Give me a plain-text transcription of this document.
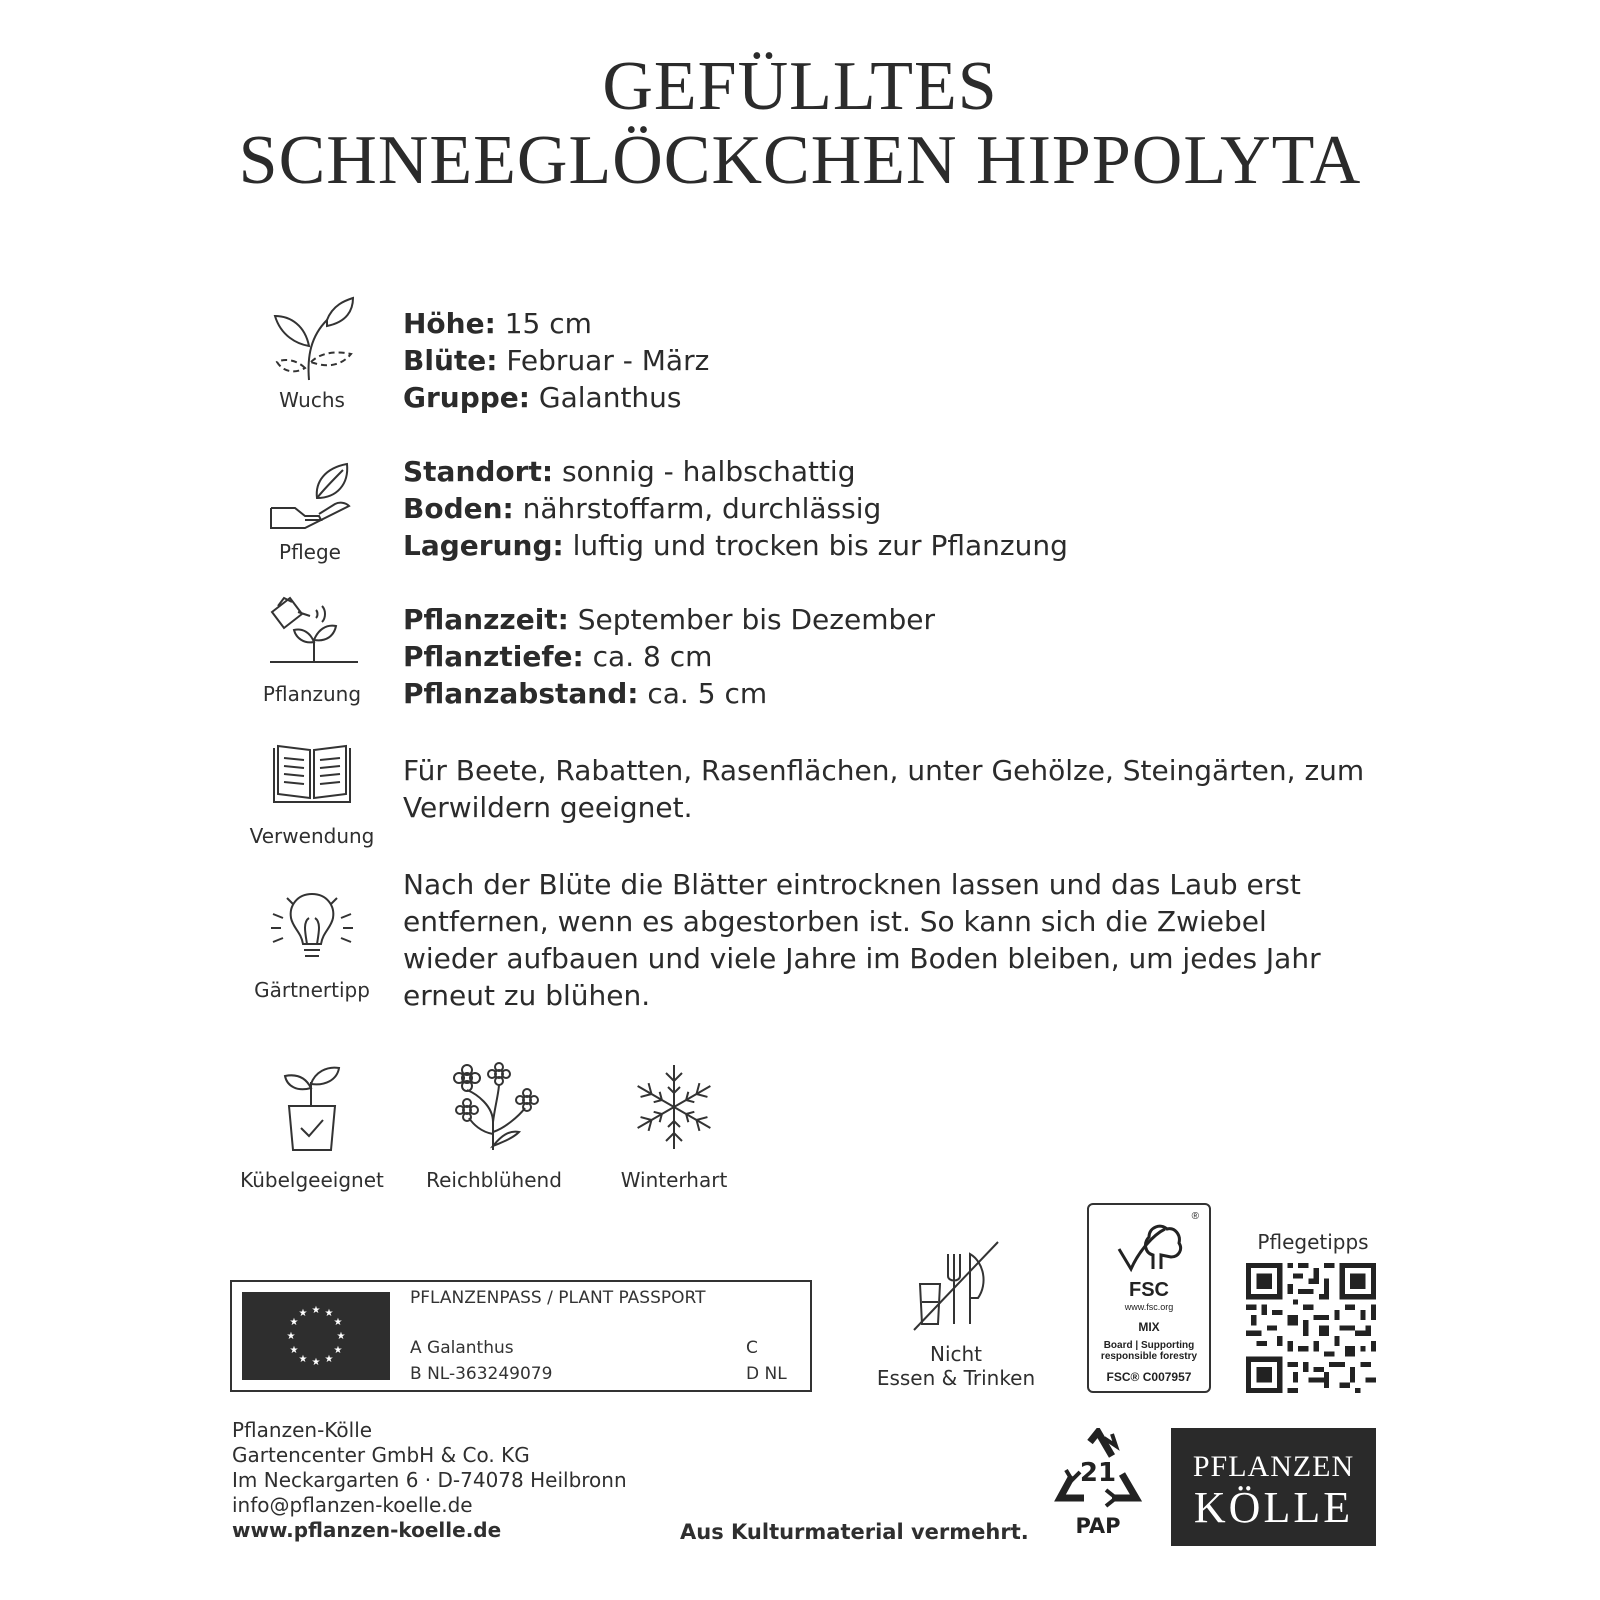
GEFÜLLTES
SCHNEEGLÖCKCHEN HIPPOLYTA
Wuchs
Höhe: 15 cm
Blüte: Februar - März
Gruppe: Galanthus
Pflege
Standort: sonnig - halbschattig
Boden: nährstoffarm, durchlässig
Lagerung: luftig und trocken bis zur Pflanzung
Pflanzung
Pflanzzeit: September bis Dezember
Pflanztiefe: ca. 8 cm
Pflanzabstand: ca. 5 cm
Verwendung
Für Beete, Rabatten, Rasenflächen, unter Gehölze, Steingärten, zum
Verwildern geeignet.
Gärtnertipp
Nach der Blüte die Blätter eintrocknen lassen und das Laub erst
entfernen, wenn es abgestorben ist. So kann sich die Zwiebel
wieder aufbauen und viele Jahre im Boden bleiben, um jedes Jahr
erneut zu blühen.
Kübelgeeignet	Reichblühend	Winterhart
★ ★
★
★
★
★
★
★
★
★
★
★
PFLANZENPASS / PLANT PASSPORT
A Galanthus
B NL-363249079
C
D NL
Nicht
Essen & Trinken
®
FSC
www.fsc.org
MIX
Board | Supporting
responsible forestry
FSC® C007957
Pflegetipps
Pflanzen-Kölle
Gartencenter GmbH & Co. KG
Im Neckargarten 6 · D-74078 Heilbronn
info@pflanzen-koelle.de
www.pflanzen-koelle.de	Aus Kulturmaterial vermehrt.
21
PAP
PFLANZEN
KÖLLE
